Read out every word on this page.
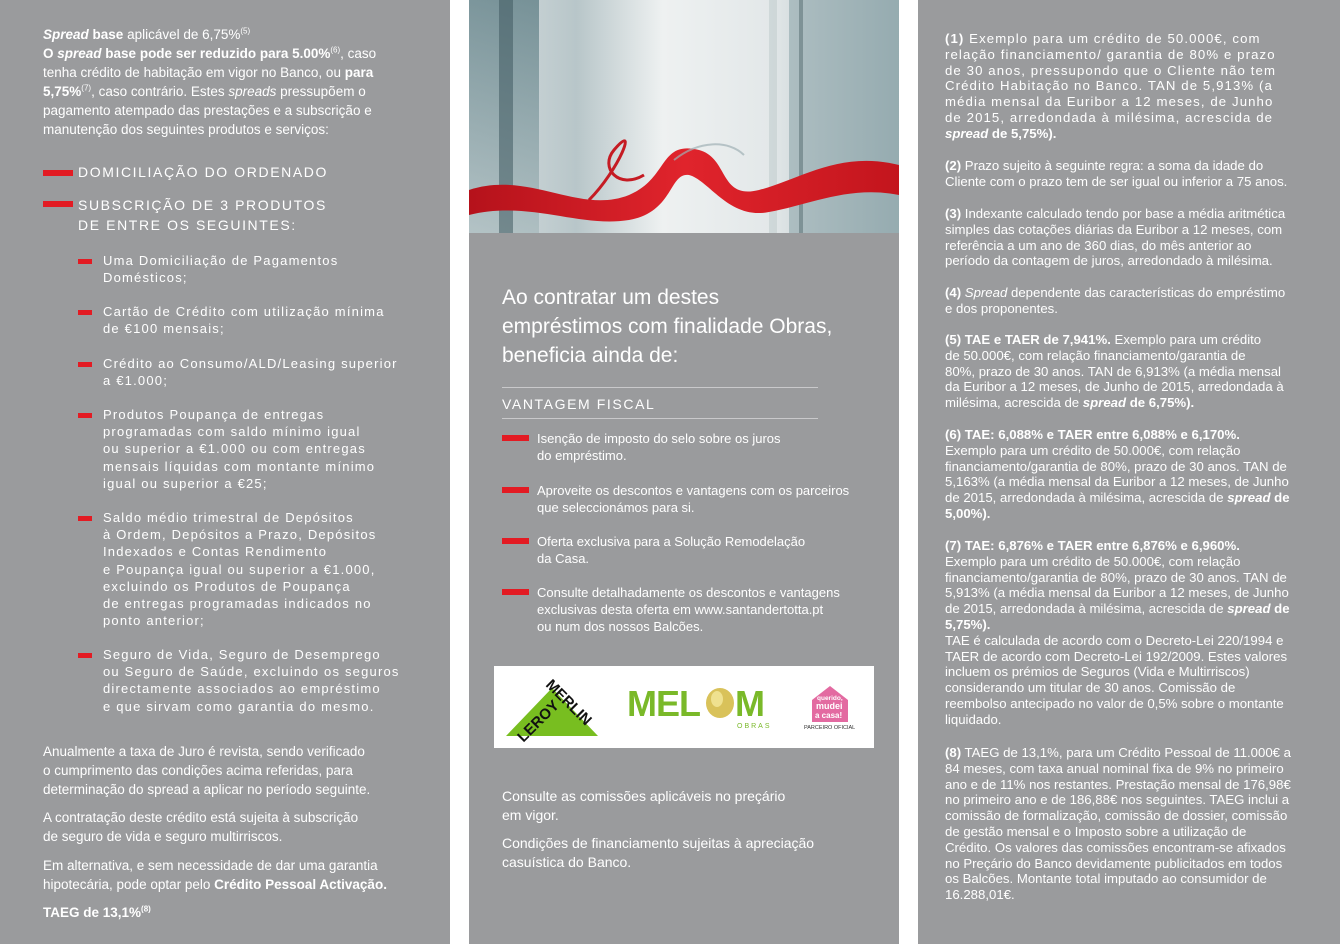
Spread base aplicável de 6,75%$^{(5)}$
O spread base pode ser reduzido para 5.00%$^{(6)}$, caso
tenha crédito de habitação em vigor no Banco, ou para
5,75%$^{(7)}$, caso contrário. Estes spreads pressupõem o
pagamento atempado das prestações e a subscrição e
manutenção dos seguintes produtos e serviços:
DOMICILIAÇÃO DO ORDENADO
SUBSCRIÇÃO DE 3 PRODUTOS
DE ENTRE OS SEGUINTES:
Uma Domiciliação de Pagamentos
Domésticos;
Cartão de Crédito com utilização mínima
de €100 mensais;
Crédito ao Consumo/ALD/Leasing superior
a €1.000;
Produtos Poupança de entregas
programadas com saldo mínimo igual
ou superior a €1.000 ou com entregas
mensais líquidas com montante mínimo
igual ou superior a €25;
Saldo médio trimestral de Depósitos
à Ordem, Depósitos a Prazo, Depósitos
Indexados e Contas Rendimento
e Poupança igual ou superior a €1.000,
excluindo os Produtos de Poupança
de entregas programadas indicados no
ponto anterior;
Seguro de Vida, Seguro de Desemprego
ou Seguro de Saúde, excluindo os seguros
directamente associados ao empréstimo
e que sirvam como garantia do mesmo.
Anualmente a taxa de Juro é revista, sendo verificado
o cumprimento das condições acima referidas, para
determinação do spread a aplicar no período seguinte.
A contratação deste crédito está sujeita à subscrição
de seguro de vida e seguro multirriscos.
Em alternativa, e sem necessidade de dar uma garantia
hipotecária, pode optar pelo Crédito Pessoal Activação.
TAEG de 13,1%$^{(8)}$
Ao contratar um destes
empréstimos com finalidade Obras,
beneficia ainda de:
VANTAGEM FISCAL
Isenção de imposto do selo sobre os juros
do empréstimo.
Aproveite os descontos e vantagens com os parceiros
que seleccionámos para si.
Oferta exclusiva para a Solução Remodelação
da Casa.
Consulte detalhadamente os descontos e vantagens
exclusivas desta oferta em www.santandertotta.pt
ou num dos nossos Balcões.
LEROY
MERLIN MEL M
OBRAS
querido,
mudei
a casa!
PARCEIRO OFICIAL
Consulte as comissões aplicáveis no preçário
em vigor.
Condições de financiamento sujeitas à apreciação
casuística do Banco.
(1) Exemplo para um crédito de 50.000€, com
relação financiamento/ garantia de 80% e prazo
de 30 anos, pressupondo que o Cliente não tem
Crédito Habitação no Banco. TAN de 5,913% (a
média mensal da Euribor a 12 meses, de Junho
de 2015, arredondada à milésima, acrescida de
spread de 5,75%).
(2) Prazo sujeito à seguinte regra: a soma da idade do
Cliente com o prazo tem de ser igual ou inferior a 75 anos.
(3) Indexante calculado tendo por base a média aritmética
simples das cotações diárias da Euribor a 12 meses, com
referência a um ano de 360 dias, do mês anterior ao
período da contagem de juros, arredondado à milésima.
(4) Spread dependente das características do empréstimo
e dos proponentes.
(5) TAE e TAER de 7,941%. Exemplo para um crédito
de 50.000€, com relação financiamento/garantia de
80%, prazo de 30 anos. TAN de 6,913% (a média mensal
da Euribor a 12 meses, de Junho de 2015, arredondada à
milésima, acrescida de spread de 6,75%).
(6) TAE: 6,088% e TAER entre 6,088% e 6,170%.
Exemplo para um crédito de 50.000€, com relação
financiamento/garantia de 80%, prazo de 30 anos. TAN de
5,163% (a média mensal da Euribor a 12 meses, de Junho
de 2015, arredondada à milésima, acrescida de spread de
5,00%).
(7) TAE: 6,876% e TAER entre 6,876% e 6,960%.
Exemplo para um crédito de 50.000€, com relação
financiamento/garantia de 80%, prazo de 30 anos. TAN de
5,913% (a média mensal da Euribor a 12 meses, de Junho
de 2015, arredondada à milésima, acrescida de spread de
5,75%).
TAE é calculada de acordo com o Decreto-Lei 220/1994 e
TAER de acordo com Decreto-Lei 192/2009. Estes valores
incluem os prémios de Seguros (Vida e Multirriscos)
considerando um titular de 30 anos. Comissão de
reembolso antecipado no valor de 0,5% sobre o montante
liquidado.
(8) TAEG de 13,1%, para um Crédito Pessoal de 11.000€ a
84 meses, com taxa anual nominal fixa de 9% no primeiro
ano e de 11% nos restantes. Prestação mensal de 176,98€
no primeiro ano e de 186,88€ nos seguintes. TAEG inclui a
comissão de formalização, comissão de dossier, comissão
de gestão mensal e o Imposto sobre a utilização de
Crédito. Os valores das comissões encontram-se afixados
no Preçário do Banco devidamente publicitados em todos
os Balcões. Montante total imputado ao consumidor de
16.288,01€.
